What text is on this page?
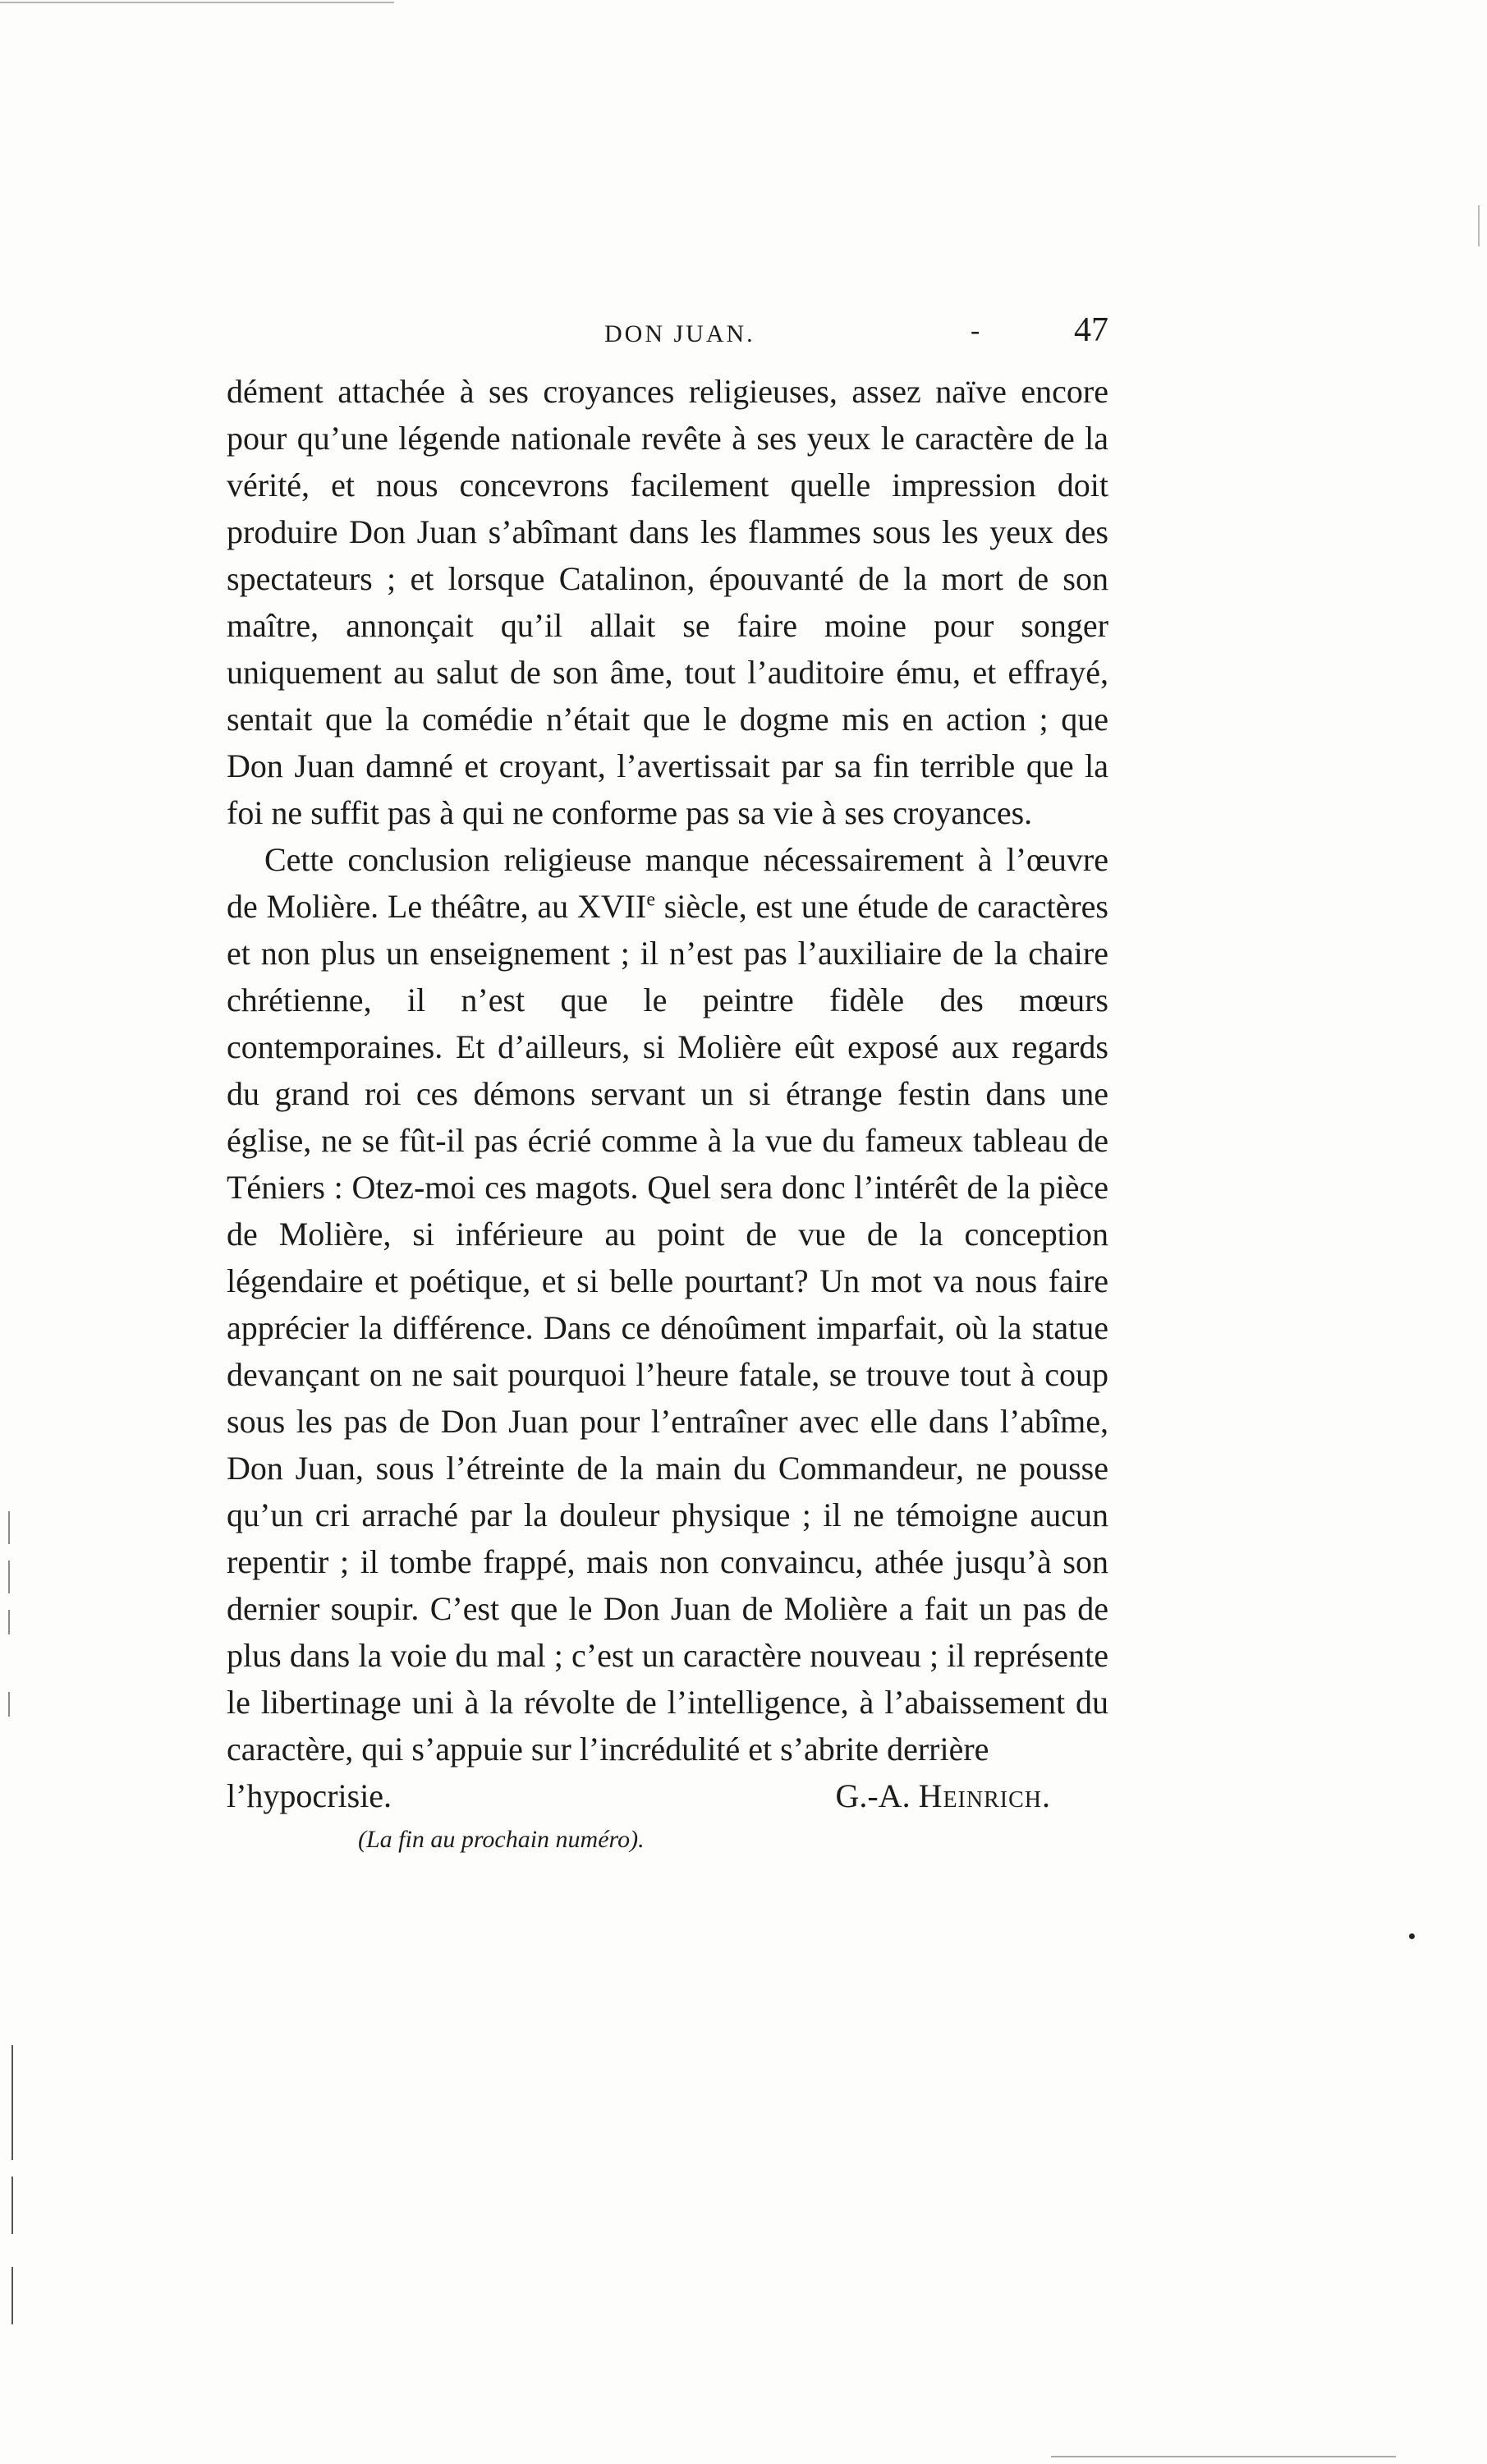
DON JUAN.	-	47

dément attachée à ses croyances religieuses, assez naïve encore pour qu’une légende nationale revête à ses yeux le caractère de la vérité, et nous concevrons facilement quelle impression doit produire Don Juan s’abîmant dans les flammes sous les yeux des spectateurs ; et lorsque Catalinon, épouvanté de la mort de son maître, annonçait qu’il allait se faire moine pour songer uniquement au salut de son âme, tout l’auditoire ému, et effrayé, sentait que la comédie n’était que le dogme mis en action ; que Don Juan damné et croyant, l’avertissait par sa fin terrible que la foi ne suffit pas à qui ne conforme pas sa vie à ses croyances.

Cette conclusion religieuse manque nécessairement à l’œuvre de Molière. Le théâtre, au XVIIe siècle, est une étude de caractères et non plus un enseignement ; il n’est pas l’auxiliaire de la chaire chrétienne, il n’est que le peintre fidèle des mœurs contemporaines. Et d’ailleurs, si Molière eût exposé aux regards du grand roi ces démons servant un si étrange festin dans une église, ne se fût-il pas écrié comme à la vue du fameux tableau de Téniers : Otez-moi ces magots. Quel sera donc l’intérêt de la pièce de Molière, si inférieure au point de vue de la conception légendaire et poétique, et si belle pourtant? Un mot va nous faire apprécier la différence. Dans ce dénoûment imparfait, où la statue devançant on ne sait pourquoi l’heure fatale, se trouve tout à coup sous les pas de Don Juan pour l’entraîner avec elle dans l’abîme, Don Juan, sous l’étreinte de la main du Commandeur, ne pousse qu’un cri arraché par la douleur physique ; il ne témoigne aucun repentir ; il tombe frappé, mais non convaincu, athée jusqu’à son dernier soupir. C’est que le Don Juan de Molière a fait un pas de plus dans la voie du mal ; c’est un caractère nouveau ; il représente le libertinage uni à la révolte de l’intelligence, à l’abaissement du caractère, qui s’appuie sur l’incrédulité et s’abrite derrière

l’hypocrisie.	G.-A. Heinrich.

(La fin au prochain numéro).
